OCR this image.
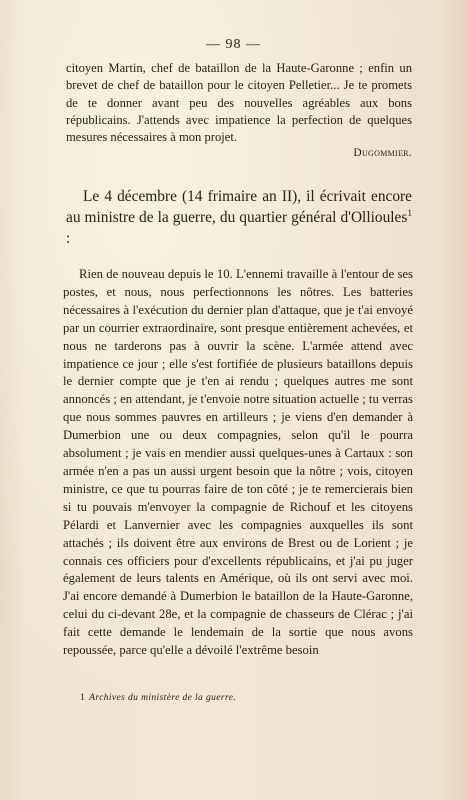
— 98 —

citoyen Martin, chef de bataillon de la Haute-Garonne ; enfin un brevet de chef de bataillon pour le citoyen Pelletier... Je te promets de te donner avant peu des nouvelles agréables aux bons républicains. J'attends avec impatience la perfection de quelques mesures nécessaires à mon projet.

Dugommier.

Le 4 décembre (14 frimaire an II), il écrivait encore au ministre de la guerre, du quartier général d'Ollioules$^1$ :

Rien de nouveau depuis le 10. L'ennemi travaille à l'entour de ses postes, et nous, nous perfectionnons les nôtres. Les batteries nécessaires à l'exécution du dernier plan d'attaque, que je t'ai envoyé par un courrier extraordinaire, sont presque entièrement achevées, et nous ne tarderons pas à ouvrir la scène. L'armée attend avec impatience ce jour ; elle s'est fortifiée de plusieurs bataillons depuis le dernier compte que je t'en ai rendu ; quelques autres me sont annoncés ; en attendant, je t'envoie notre situation actuelle ; tu verras que nous sommes pauvres en artilleurs ; je viens d'en demander à Dumerbion une ou deux compagnies, selon qu'il le pourra absolument ; je vais en mendier aussi quelques-unes à Cartaux : son armée n'en a pas un aussi urgent besoin que la nôtre ; vois, citoyen ministre, ce que tu pourras faire de ton côté ; je te remercierais bien si tu pouvais m'envoyer la compagnie de Richouf et les citoyens Pélardi et Lanvernier avec les compagnies auxquelles ils sont attachés ; ils doivent être aux environs de Brest ou de Lorient ; je connais ces officiers pour d'excellents républicains, et j'ai pu juger également de leurs talents en Amérique, où ils ont servi avec moi. J'ai encore demandé à Dumerbion le bataillon de la Haute-Garonne, celui du ci-devant 28e, et la compagnie de chasseurs de Clérac ; j'ai fait cette demande le lendemain de la sortie que nous avons repoussée, parce qu'elle a dévoilé l'extrême besoin

1 Archives du ministère de la guerre.
